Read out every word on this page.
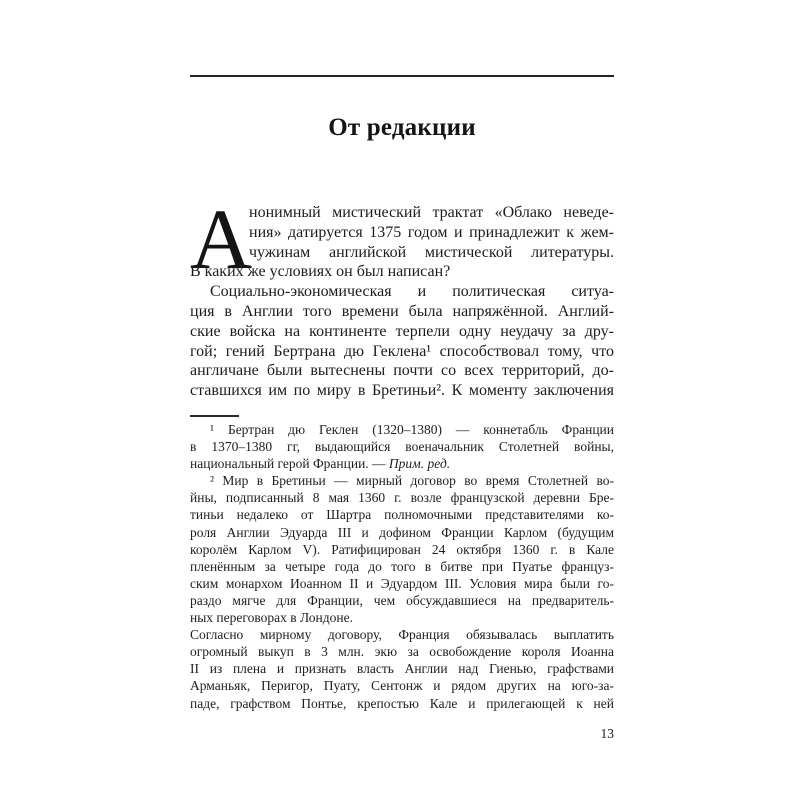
От редакции
А
нонимный мистический трактат «Облако неведе-
ния» датируется 1375 годом и принадлежит к жем-
чужинам английской мистической литературы.
В каких же условиях он был написан?
Социально-экономическая и политическая ситуа-
ция в Англии того времени была напряжённой. Англий-
ские войска на континенте терпели одну неудачу за дру-
гой; гений Бертрана дю Геклена¹ способствовал тому, что
англичане были вытеснены почти со всех территорий, до-
ставшихся им по миру в Бретиньи². К моменту заключения
¹ Бертран дю Геклен (1320–1380) — коннетабль Франции
в 1370–1380 гг, выдающийся военачальник Столетней войны,
национальный герой Франции. — Прим. ред.
² Мир в Бретиньи — мирный договор во время Столетней во-
йны, подписанный 8 мая 1360 г. возле французской деревни Бре-
тиньи недалеко от Шартра полномочными представителями ко-
роля Англии Эдуарда III и дофином Франции Карлом (будущим
королём Карлом V). Ратифицирован 24 октября 1360 г. в Кале
пленённым за четыре года до того в битве при Пуатье француз-
ским монархом Иоанном II и Эдуардом III. Условия мира были го-
раздо мягче для Франции, чем обсуждавшиеся на предваритель-
ных переговорах в Лондоне.
Согласно мирному договору, Франция обязывалась выплатить
огромный выкуп в 3 млн. экю за освобождение короля Иоанна
II из плена и признать власть Англии над Гиенью, графствами
Арманьяк, Перигор, Пуату, Сентонж и рядом других на юго-за-
паде, графством Понтье, крепостью Кале и прилегающей к ней
13
